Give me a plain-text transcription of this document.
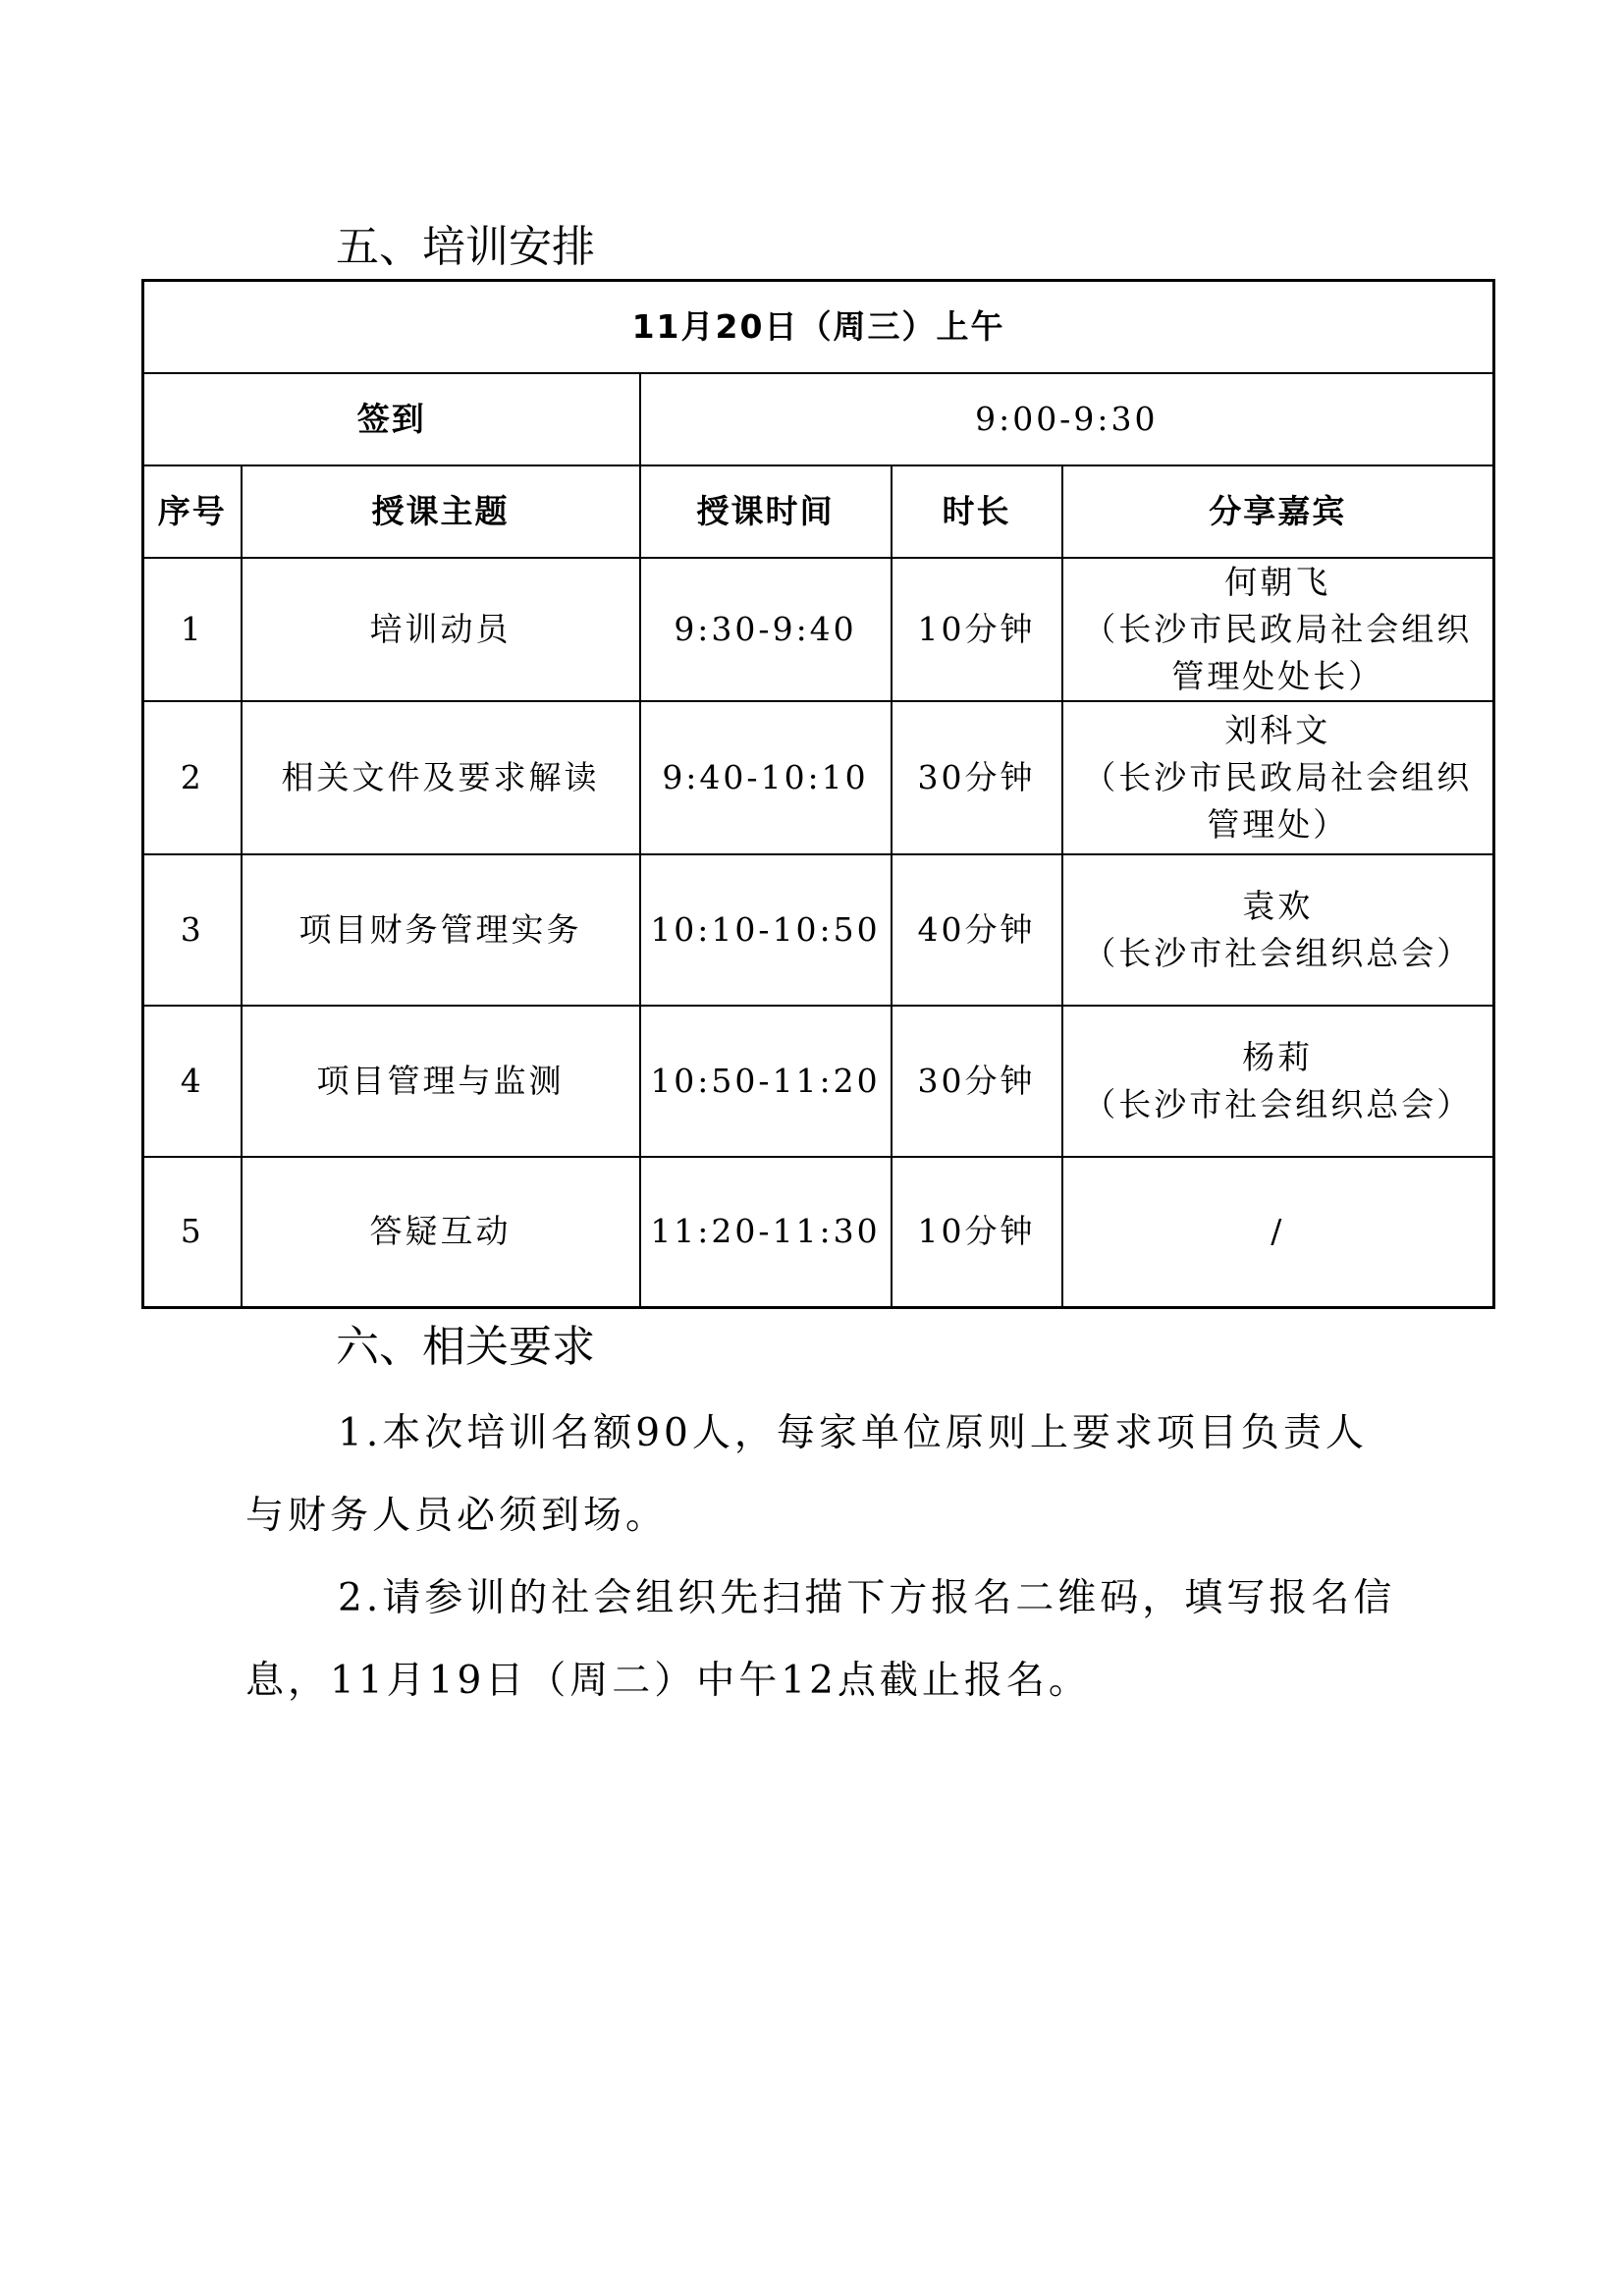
五、培训安排
11月20日（周三）上午				
签到		9:00-9:30		
序号	授课主题	授课时间	时长	分享嘉宾
1	培训动员	9:30-9:40	10分钟	何朝飞
（长沙市民政局社会组织
管理处处长）

2	相关文件及要求解读	9:40-10:10	30分钟	刘科文
（长沙市民政局社会组织
管理处）

3	项目财务管理实务	10:10-10:50	40分钟	袁欢
（长沙市社会组织总会）

4	项目管理与监测	10:50-11:20	30分钟	杨莉
（长沙市社会组织总会）

5	答疑互动	11:20-11:30	10分钟	/
六、相关要求
1.本次培训名额90人，每家单位原则上要求项目负责人与财务人员必须到场。
2.请参训的社会组织先扫描下方报名二维码，填写报名信息，11月19日（周二）中午12点截止报名。
